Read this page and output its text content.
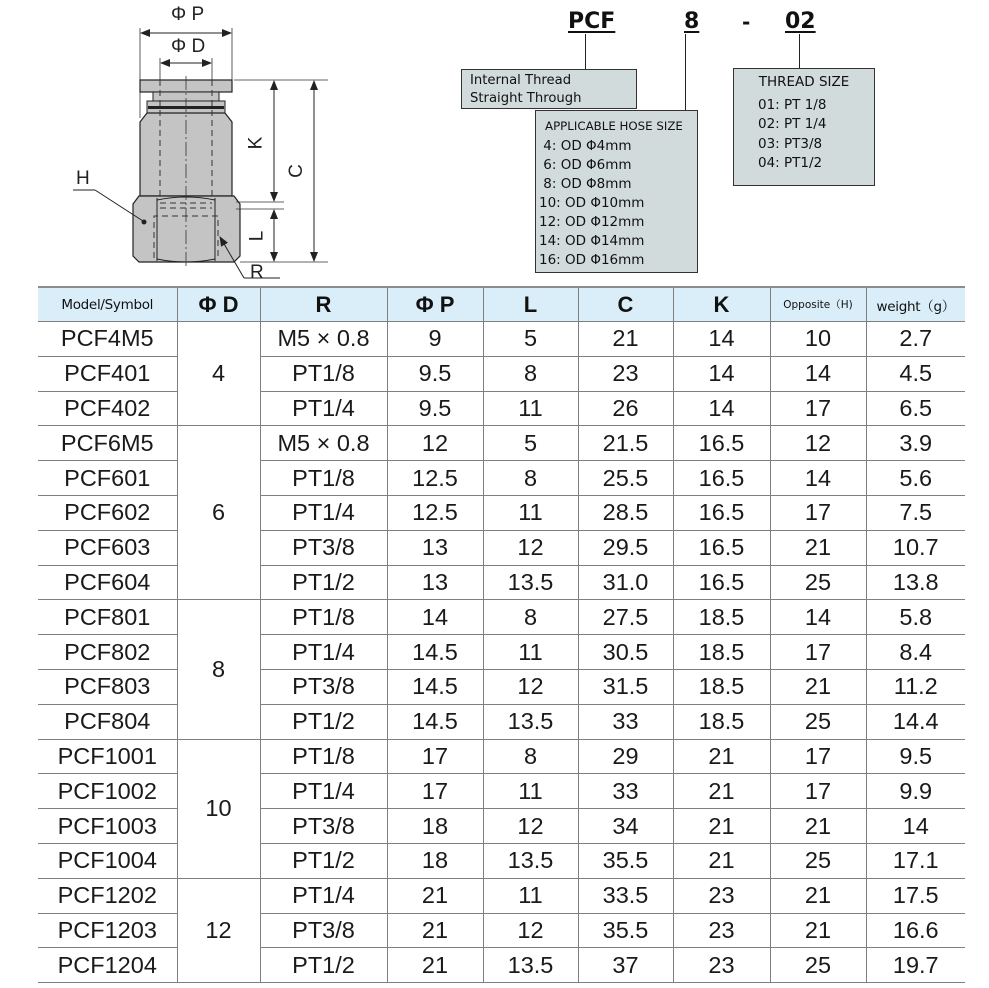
Φ P
Φ D
H
K
C
L
R
PCF	8	- 02
Internal Thread
Straight Through
APPLICABLE HOSE SIZE
4: OD Φ4mm
6: OD Φ6mm
8: OD Φ8mm
10: OD Φ10mm
12: OD Φ12mm
14: OD Φ14mm
16: OD Φ16mm
THREAD SIZE
01: PT 1/8
02: PT 1/4
03: PT3/8
04: PT1/2
Model/Symbol	Φ D	R	Φ P	L	C	K	Opposite（H)	weight（g）
PCF4M5	4	M5 × 0.8	9	5	21	14	10	2.7
PCF401		PT1/8	9.5	8	23	14	14	4.5
PCF402		PT1/4	9.5	11	26	14	17	6.5
PCF6M5	6	M5 × 0.8	12	5	21.5	16.5	12	3.9
PCF601		PT1/8	12.5	8	25.5	16.5	14	5.6
PCF602		PT1/4	12.5	11	28.5	16.5	17	7.5
PCF603		PT3/8	13	12	29.5	16.5	21	10.7
PCF604		PT1/2	13	13.5	31.0	16.5	25	13.8
PCF801	8	PT1/8	14	8	27.5	18.5	14	5.8
PCF802		PT1/4	14.5	11	30.5	18.5	17	8.4
PCF803		PT3/8	14.5	12	31.5	18.5	21	11.2
PCF804		PT1/2	14.5	13.5	33	18.5	25	14.4
PCF1001	10	PT1/8	17	8	29	21	17	9.5
PCF1002		PT1/4	17	11	33	21	17	9.9
PCF1003		PT3/8	18	12	34	21	21	14
PCF1004		PT1/2	18	13.5	35.5	21	25	17.1
PCF1202	12	PT1/4	21	11	33.5	23	21	17.5
PCF1203		PT3/8	21	12	35.5	23	21	16.6
PCF1204		PT1/2	21	13.5	37	23	25	19.7
